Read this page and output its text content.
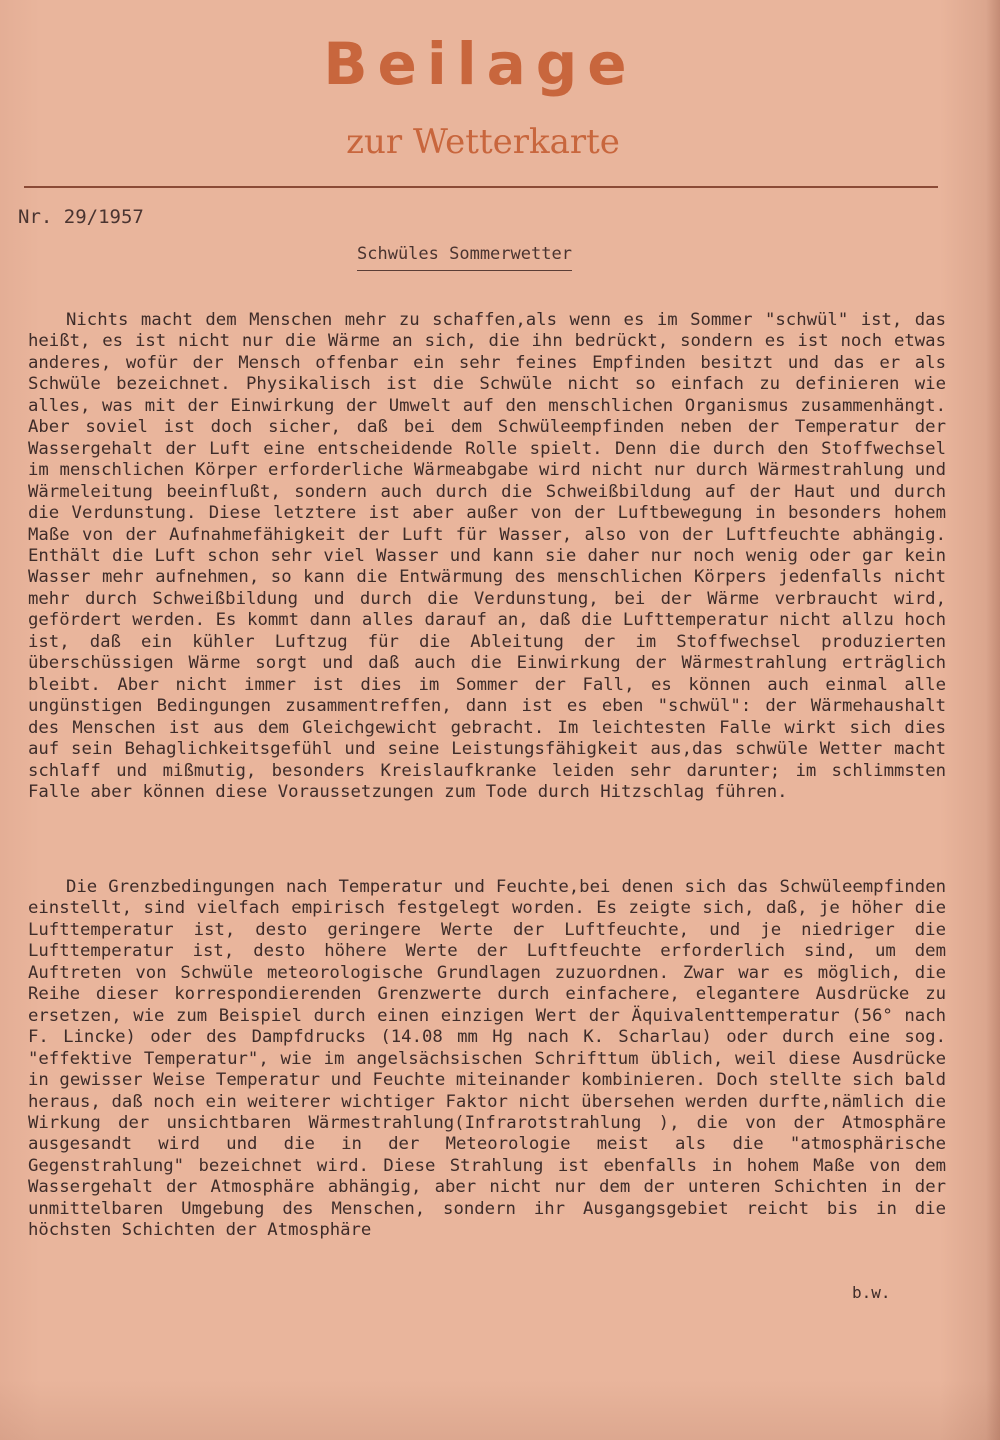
Beilage
zur Wetterkarte
Nr. 29/1957
Schwüles Sommerwetter

Nichts macht dem Menschen mehr zu schaffen,als wenn es im Sommer "schwül" ist, das heißt, es ist nicht nur die Wärme an sich, die ihn bedrückt, sondern es ist noch etwas anderes, wofür der Mensch offenbar ein sehr feines Empfinden besitzt und das er als Schwüle bezeichnet. Physikalisch ist die Schwüle nicht so einfach zu definieren wie alles, was mit der Einwirkung der Umwelt auf den menschlichen Organismus zusammenhängt. Aber soviel ist doch sicher, daß bei dem Schwüleempfinden neben der Temperatur der Wassergehalt der Luft eine entscheidende Rolle spielt. Denn die durch den Stoffwechsel im menschlichen Körper erforderliche Wärmeabgabe wird nicht nur durch Wärmestrahlung und Wärmeleitung beeinflußt, sondern auch durch die Schweißbildung auf der Haut und durch die Verdunstung. Diese letztere ist aber außer von der Luftbewegung in besonders hohem Maße von der Aufnahmefähigkeit der Luft für Wasser, also von der Luftfeuchte abhängig. Enthält die Luft schon sehr viel Wasser und kann sie daher nur noch wenig oder gar kein Wasser mehr aufnehmen, so kann die Entwärmung des menschlichen Körpers jedenfalls nicht mehr durch Schweißbildung und durch die Verdunstung, bei der Wärme verbraucht wird, gefördert werden. Es kommt dann alles darauf an, daß die Lufttemperatur nicht allzu hoch ist, daß ein kühler Luftzug für die Ableitung der im Stoffwechsel produzierten überschüssigen Wärme sorgt und daß auch die Einwirkung der Wärmestrahlung erträglich bleibt. Aber nicht immer ist dies im Sommer der Fall, es können auch einmal alle ungünstigen Bedingungen zusammentreffen, dann ist es eben "schwül": der Wärmehaushalt des Menschen ist aus dem Gleichgewicht gebracht. Im leichtesten Falle wirkt sich dies auf sein Behaglichkeitsgefühl und seine Leistungsfähigkeit aus,das schwüle Wetter macht schlaff und mißmutig, besonders Kreislaufkranke leiden sehr darunter; im schlimmsten Falle aber können diese Voraussetzungen zum Tode durch Hitzschlag führen.

Die Grenzbedingungen nach Temperatur und Feuchte,bei denen sich das Schwüleempfinden einstellt, sind vielfach empirisch festgelegt worden. Es zeigte sich, daß, je höher die Lufttemperatur ist, desto geringere Werte der Luftfeuchte, und je niedriger die Lufttemperatur ist, desto höhere Werte der Luftfeuchte erforderlich sind, um dem Auftreten von Schwüle meteorologische Grundlagen zuzuordnen. Zwar war es möglich, die Reihe dieser korrespondierenden Grenzwerte durch einfachere, elegantere Ausdrücke zu ersetzen, wie zum Beispiel durch einen einzigen Wert der Äquivalenttemperatur (56° nach F. Lincke) oder des Dampfdrucks (14.08 mm Hg nach K. Scharlau) oder durch eine sog. "effektive Temperatur", wie im angelsächsischen Schrifttum üblich, weil diese Ausdrücke in gewisser Weise Temperatur und Feuchte miteinander kombinieren. Doch stellte sich bald heraus, daß noch ein weiterer wichtiger Faktor nicht übersehen werden durfte,nämlich die Wirkung der unsichtbaren Wärmestrahlung(Infrarotstrahlung ), die von der Atmosphäre ausgesandt wird und die in der Meteorologie meist als die "atmosphärische Gegenstrahlung" bezeichnet wird. Diese Strahlung ist ebenfalls in hohem Maße von dem Wassergehalt der Atmosphäre abhängig, aber nicht nur dem der unteren Schichten in der unmittelbaren Umgebung des Menschen, sondern ihr Ausgangsgebiet reicht bis in die höchsten Schichten der Atmosphäre

b.w.
